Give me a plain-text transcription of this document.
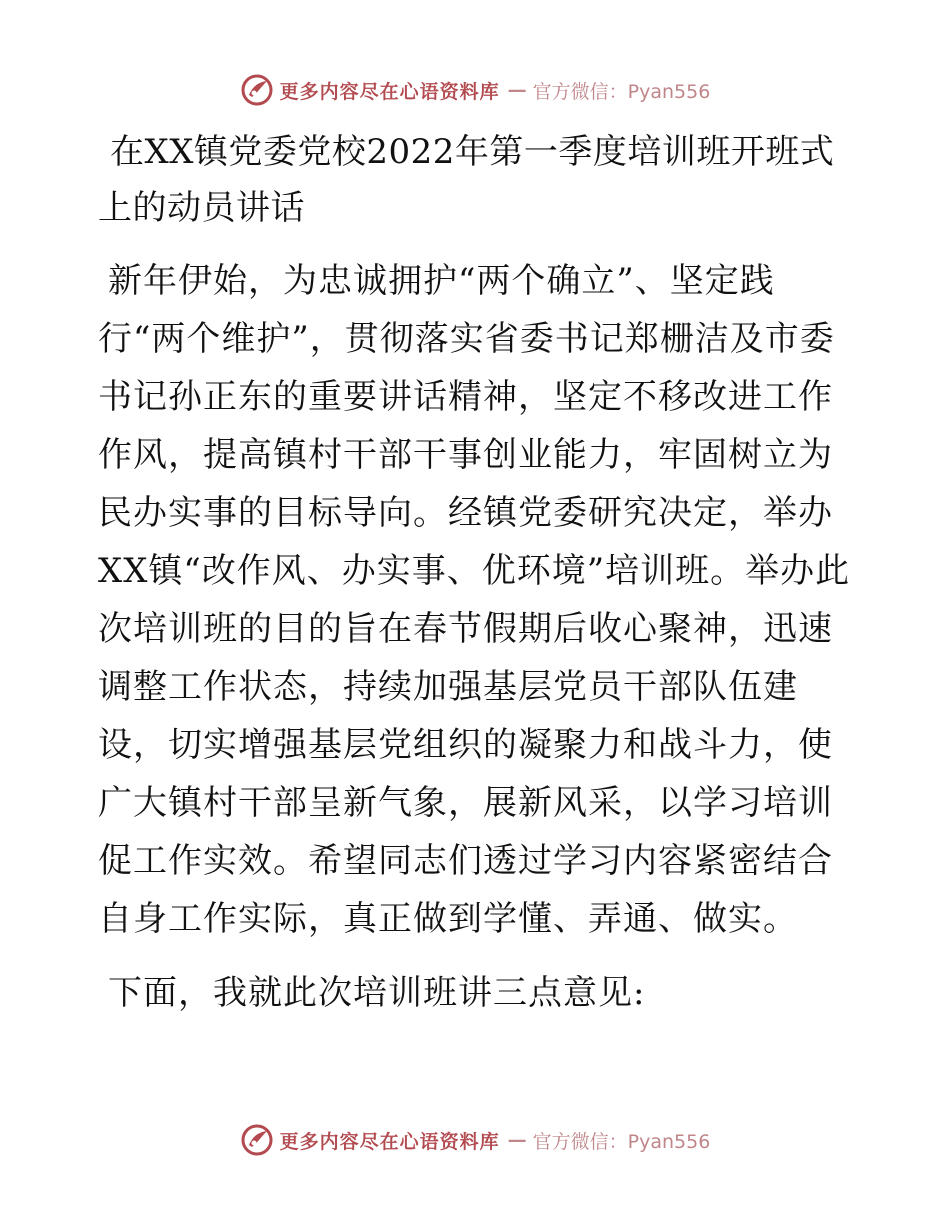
更多内容尽在心语资料库 — 官方微信：Pyan556
在XX镇党委党校2022年第一季度培训班开班式上的动员讲话

新年伊始，为忠诚拥护“两个确立”、坚定践行“两个维护”，贯彻落实省委书记郑栅洁及市委书记孙正东的重要讲话精神，坚定不移改进工作作风，提高镇村干部干事创业能力，牢固树立为民办实事的目标导向。经镇党委研究决定，举办XX镇“改作风、办实事、优环境”培训班。举办此次培训班的目的旨在春节假期后收心聚神，迅速调整工作状态，持续加强基层党员干部队伍建设，切实增强基层党组织的凝聚力和战斗力，使广大镇村干部呈新气象，展新风采，以学习培训促工作实效。希望同志们透过学习内容紧密结合自身工作实际，真正做到学懂、弄通、做实。

下面，我就此次培训班讲三点意见:

更多内容尽在心语资料库 — 官方微信：Pyan556
